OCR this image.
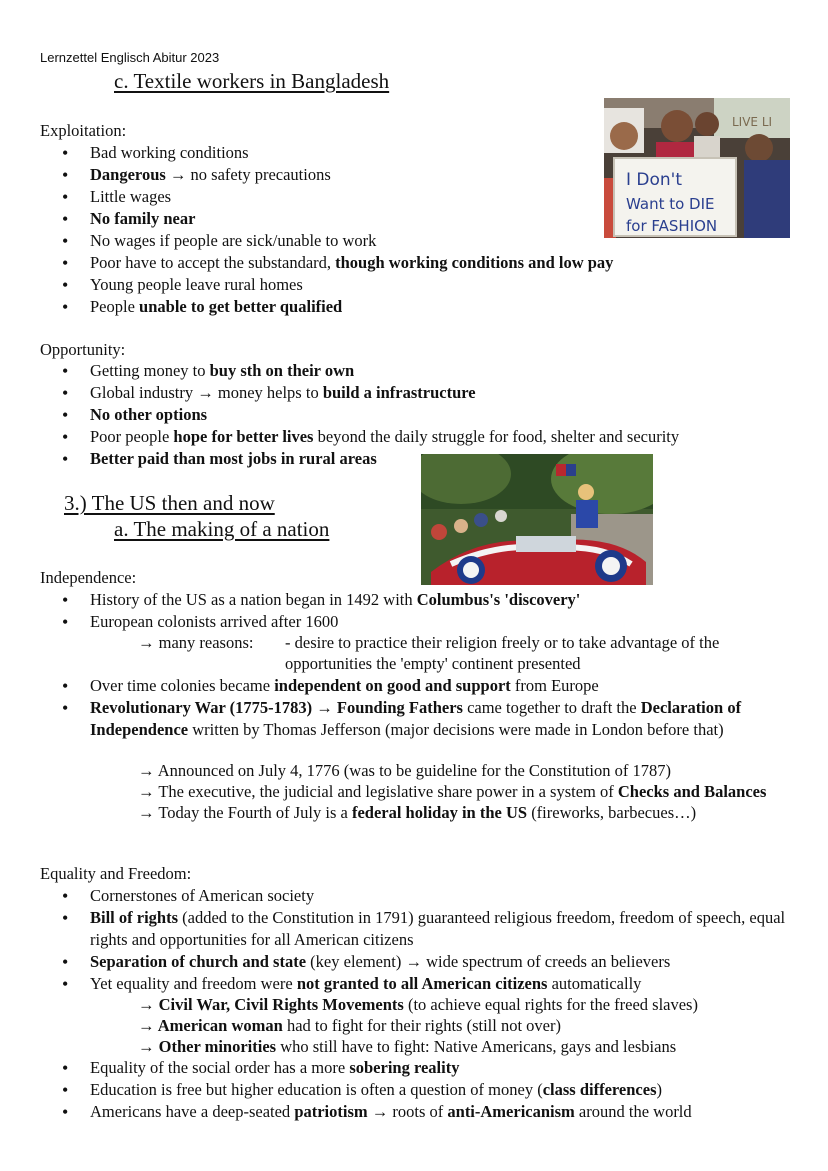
Lernzettel Englisch Abitur 2023
c. Textile workers in Bangladesh
LIVE LI
I Don't
Want to DIE
for FASHION
Exploitation:
• Bad working conditions
• Dangerous → no safety precautions
• Little wages
• No family near
• No wages if people are sick/unable to work
• Poor have to accept the substandard, though working conditions and low pay
• Young people leave rural homes
• People unable to get better qualified
Opportunity:
• Getting money to buy sth on their own
• Global industry → money helps to build a infrastructure
• No other options
• Poor people hope for better lives beyond the daily struggle for food, shelter and security
• Better paid than most jobs in rural areas
3.) The US then and now
a. The making of a nation
Independence:
• History of the US as a nation began in 1492 with Columbus's 'discovery'
• European colonists arrived after 1600
→ many reasons: - desire to practice their religion freely or to take advantage of the
opportunities the 'empty' continent presented
• Over time colonies became independent on good and support from Europe
• Revolutionary War (1775-1783) → Founding Fathers came together to draft the Declaration of Independence written by Thomas Jefferson (major decisions were made in London before that)
→ Announced on July 4, 1776 (was to be guideline for the Constitution of 1787)
→ The executive, the judicial and legislative share power in a system of Checks and Balances
→ Today the Fourth of July is a federal holiday in the US (fireworks, barbecues…)
Equality and Freedom:
• Cornerstones of American society
• Bill of rights (added to the Constitution in 1791) guaranteed religious freedom, freedom of speech, equal rights and opportunities for all American citizens
• Separation of church and state (key element) → wide spectrum of creeds an believers
• Yet equality and freedom were not granted to all American citizens automatically
→ Civil War, Civil Rights Movements (to achieve equal rights for the freed slaves)
→ American woman had to fight for their rights (still not over)
→ Other minorities who still have to fight: Native Americans, gays and lesbians
• Equality of the social order has a more sobering reality
• Education is free but higher education is often a question of money (class differences)
• Americans have a deep-seated patriotism → roots of anti-Americanism around the world
